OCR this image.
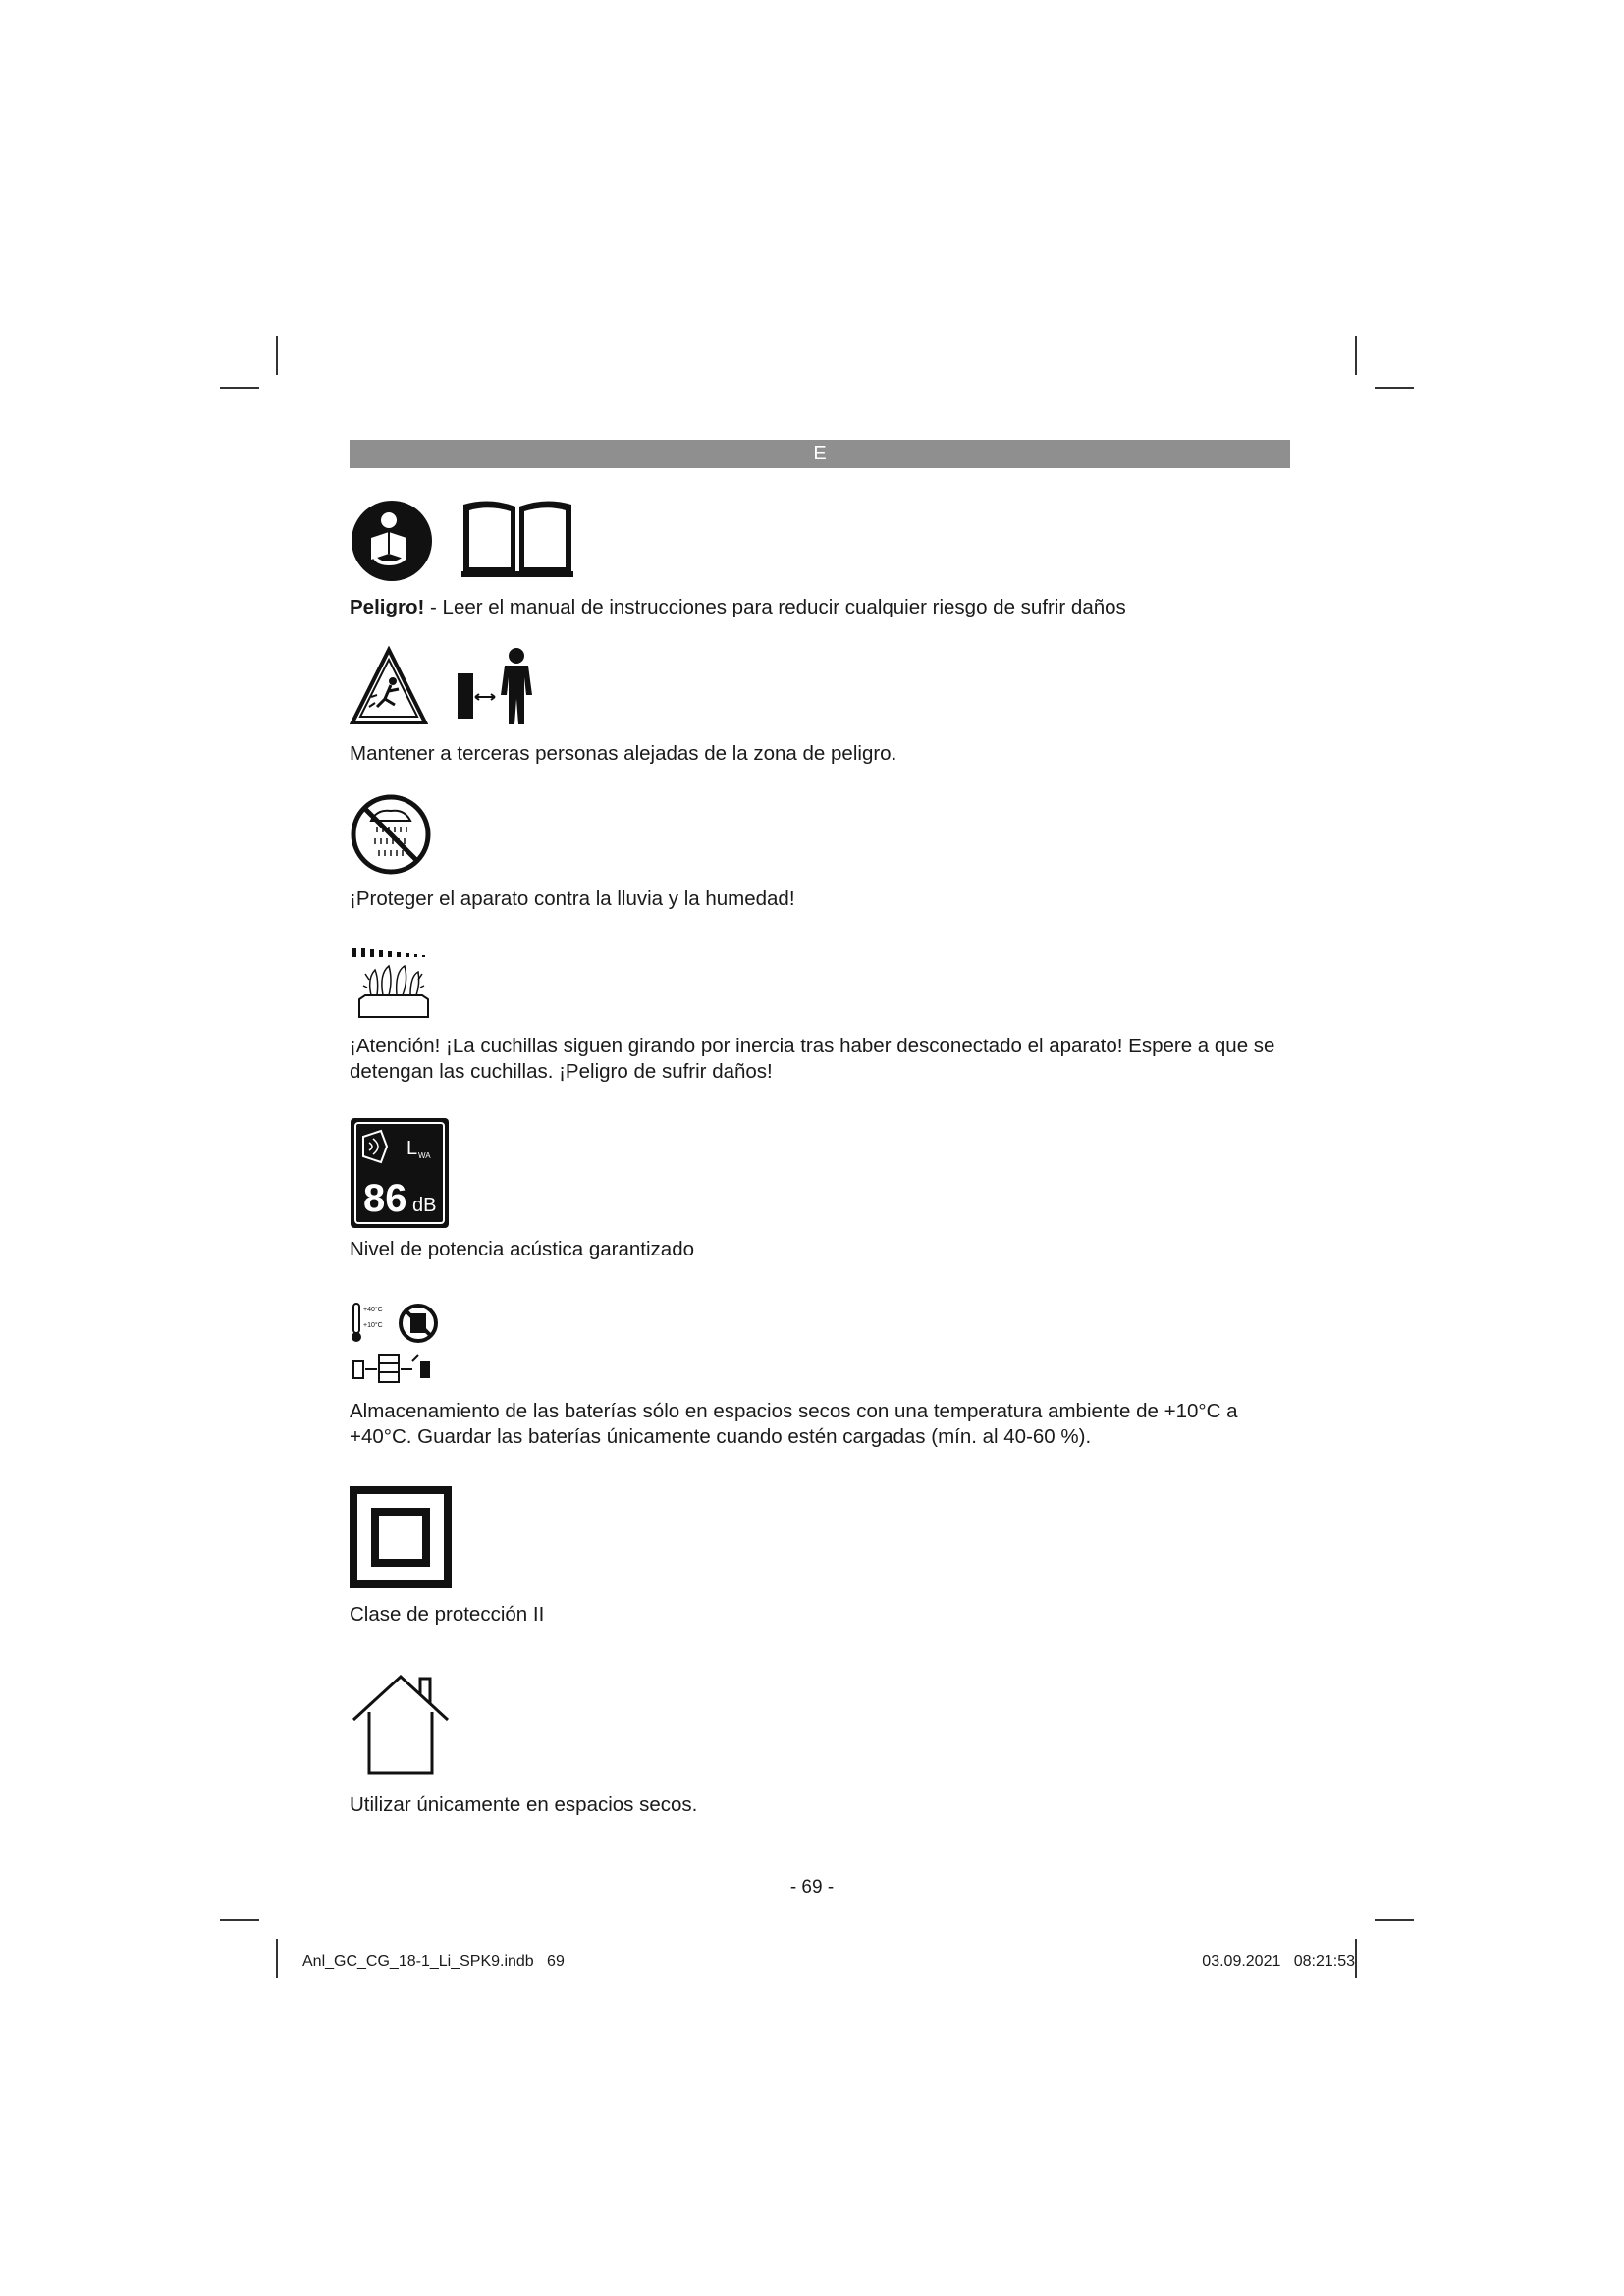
E

Peligro! - Leer el manual de instrucciones para reducir cualquier riesgo de sufrir daños

Mantener a terceras personas alejadas de la zona de peligro.
¡Proteger el aparato contra la lluvia y la humedad!
¡Atención! ¡La cuchillas siguen girando por inercia tras haber desconectado el aparato! Espere a que se detengan las cuchillas. ¡Peligro de sufrir daños!
L WA
86 dB
Nivel de potencia acústica garantizado
+40°C
+10°C
Almacenamiento de las baterías sólo en espacios secos con una temperatura ambiente de +10°C a +40°C. Guardar las baterías únicamente cuando estén cargadas (mín. al 40-60 %).
Clase de protección II
Utilizar únicamente en espacios secos.
- 69 -
Anl_GC_CG_18-1_Li_SPK9.indb   69	03.09.2021   08:21:53
